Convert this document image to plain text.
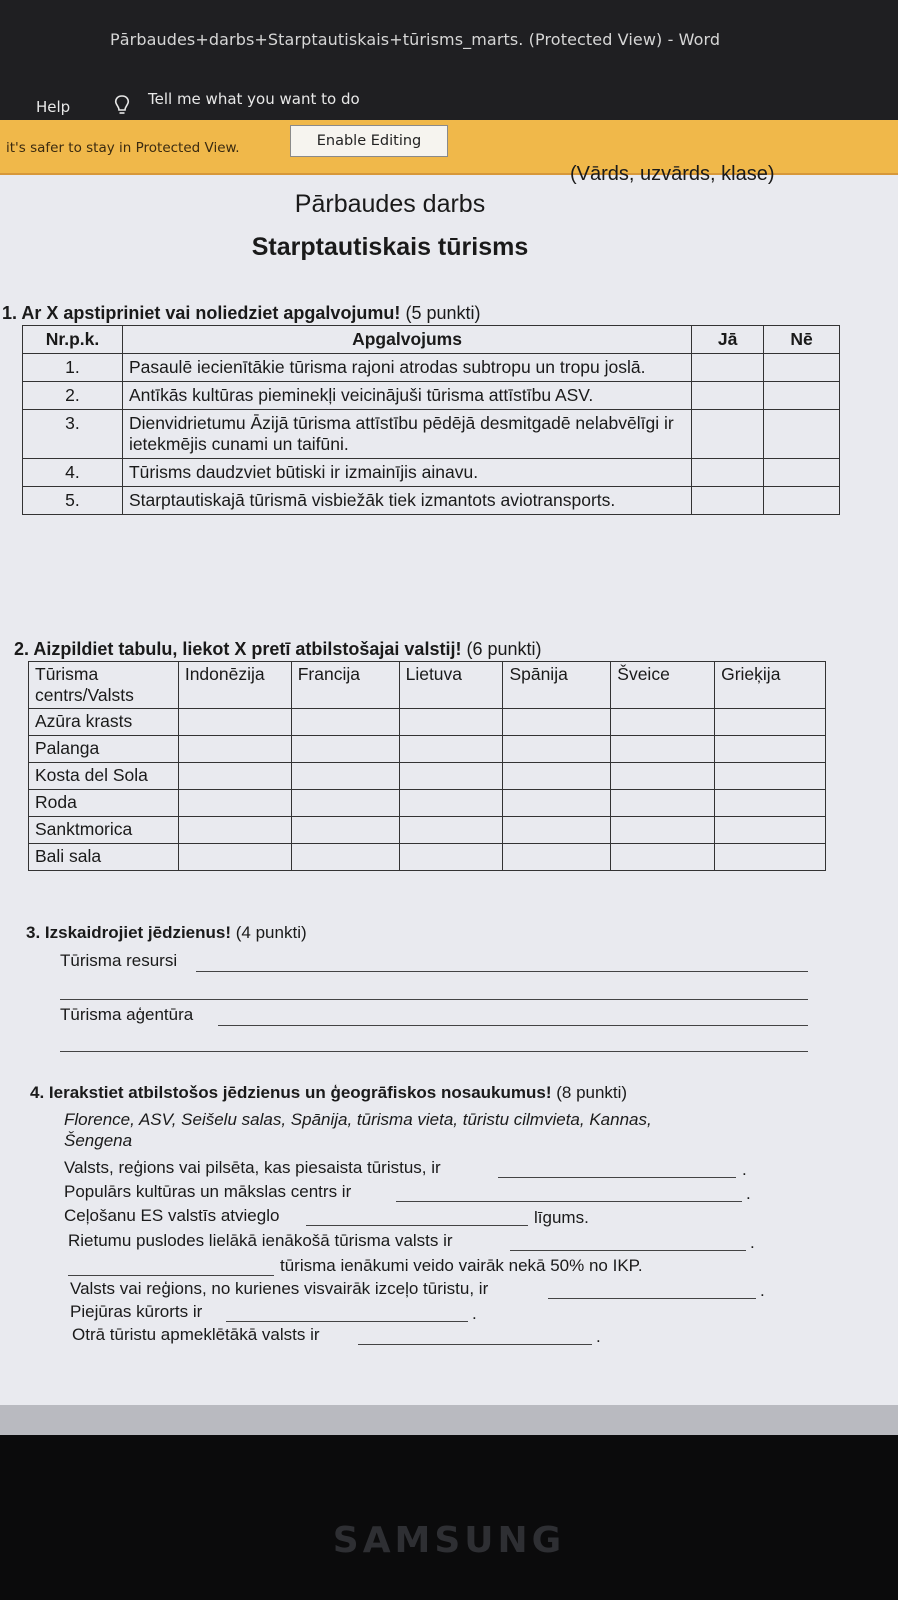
Pārbaudes+darbs+Starptautiskais+tūrisms_marts. (Protected View) - Word
Help	Tell me what you want to do
it's safer to stay in Protected View.	Enable Editing
(Vārds, uzvārds, klase)
Pārbaudes darbs
Starptautiskais tūrisms
1. Ar X apstipriniet vai noliedziet apgalvojumu! (5 punkti)
Nr.p.k.	Apgalvojums	Jā	Nē
1.	Pasaulē iecienītākie tūrisma rajoni atrodas subtropu un tropu joslā.		
2.	Antīkās kultūras pieminekļi veicinājuši tūrisma attīstību ASV.		
3.	Dienvidrietumu Āzijā tūrisma attīstību pēdējā desmitgadē nelabvēlīgi ir ietekmējis cunami un taifūni.		
4.	Tūrisms daudzviet būtiski ir izmainījis ainavu.		
5.	Starptautiskajā tūrismā visbiežāk tiek izmantots aviotransports.		
2. Aizpildiet tabulu, liekot X pretī atbilstošajai valstij! (6 punkti)
Tūrisma centrs/Valsts	Indonēzija	Francija	Lietuva	Spānija	Šveice	Grieķija
Azūra krasts						
Palanga						
Kosta del Sola						
Roda						
Sanktmorica						
Bali sala						
3. Izskaidrojiet jēdzienus! (4 punkti)
Tūrisma resursi
Tūrisma aģentūra
4. Ierakstiet atbilstošos jēdzienus un ģeogrāfiskos nosaukumus! (8 punkti)
Florence, ASV, Seišelu salas, Spānija, tūrisma vieta, tūristu cilmvieta, Kannas,
Šengena
Valsts, reģions vai pilsēta, kas piesaista tūristus, ir	.
Populārs kultūras un mākslas centrs ir	.
Ceļošanu ES valstīs atvieglo	līgums.
Rietumu puslodes lielākā ienākošā tūrisma valsts ir	.
tūrisma ienākumi veido vairāk nekā 50% no IKP.
Valsts vai reģions, no kurienes visvairāk izceļo tūristu, ir	.
Piejūras kūrorts ir	.
Otrā tūristu apmeklētākā valsts ir	.
SAMSUNG
